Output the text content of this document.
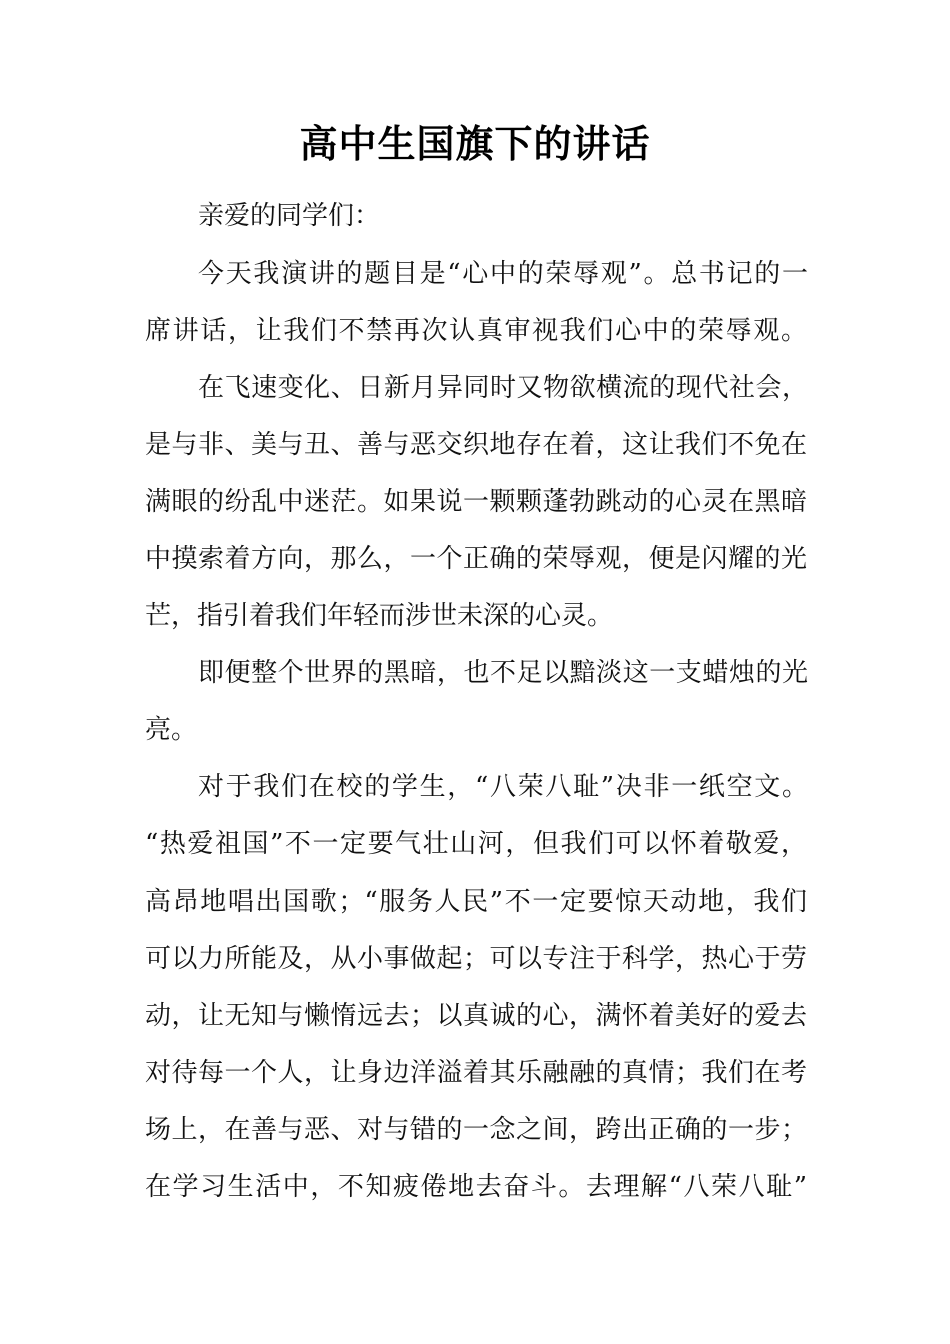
高中生国旗下的讲话
亲爱的同学们：
今天我演讲的题目是“心中的荣辱观”。总书记的一
席讲话，让我们不禁再次认真审视我们心中的荣辱观。
在飞速变化、日新月异同时又物欲横流的现代社会，
是与非、美与丑、善与恶交织地存在着，这让我们不免在
满眼的纷乱中迷茫。如果说一颗颗蓬勃跳动的心灵在黑暗
中摸索着方向，那么，一个正确的荣辱观，便是闪耀的光
芒，指引着我们年轻而涉世未深的心灵。
即便整个世界的黑暗，也不足以黯淡这一支蜡烛的光
亮。
对于我们在校的学生，“八荣八耻”决非一纸空文。
“热爱祖国”不一定要气壮山河，但我们可以怀着敬爱，
高昂地唱出国歌；“服务人民”不一定要惊天动地，我们
可以力所能及，从小事做起；可以专注于科学，热心于劳
动，让无知与懒惰远去；以真诚的心，满怀着美好的爱去
对待每一个人，让身边洋溢着其乐融融的真情；我们在考
场上，在善与恶、对与错的一念之间，跨出正确的一步；
在学习生活中，不知疲倦地去奋斗。去理解“八荣八耻”
